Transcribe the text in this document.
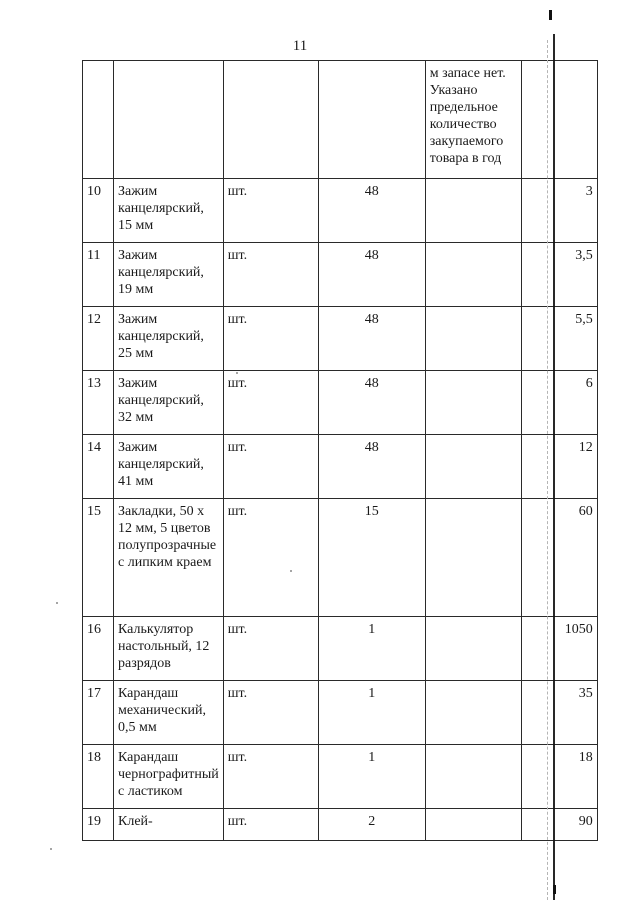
11
				м запасе нет. Указано предельное количество закупаемого товара в год	
10	Зажим канцелярский, 15 мм	шт.	48		3
11	Зажим канцелярский, 19 мм	шт.	48		3,5
12	Зажим канцелярский, 25 мм	шт.	48		5,5
13	Зажим канцелярский, 32 мм	шт.	48		6
14	Зажим канцелярский, 41 мм	шт.	48		12
15	Закладки, 50 х 12 мм, 5 цветов полупрозрачные с липким краем	шт.	15		60
16	Калькулятор настольный, 12 разрядов	шт.	1		1050
17	Карандаш механический, 0,5 мм	шт.	1		35
18	Карандаш чернографитный с ластиком	шт.	1		18
19	Клей-	шт.	2		90
